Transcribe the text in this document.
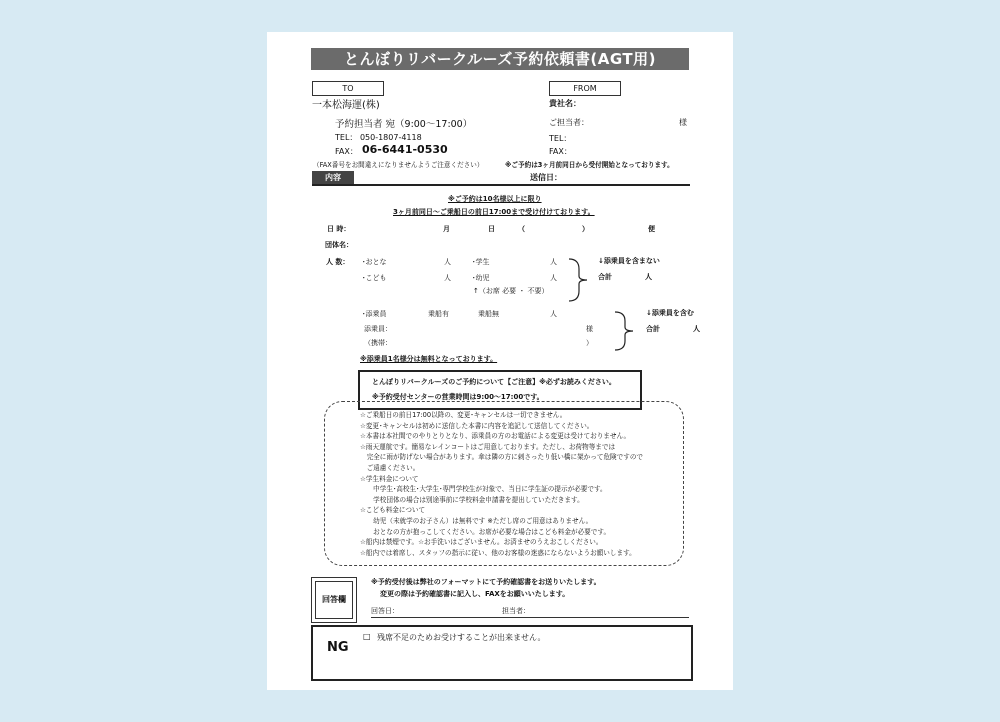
とんぼりリバークルーズ予約依頼書(AGT用)
TO
一本松海運(株)
予約担当者 宛（9:00～17:00）
TEL： 050-1807-4118
FAX： 06-6441-0530
（FAX番号をお間違えになりませんようご注意ください）
FROM
貴社名：
ご担当者：	様
TEL：
FAX：
※ご予約は3ヶ月前同日から受付開始となっております。
内容	送信日：
※ご予約は10名様以上に限り
3ヶ月前同日～ご乗船日の前日17:00まで受け付けております。
日 時：	月	日	（	）	便
団体名：
人 数： ･おとな	人	･学生	人
･こども	人	･幼児	人
↑（お席 必要 ・ 不要）
↓添乗員を含まない
合計	人
･添乗員	乗船有	乗船無	人
添乗員：	様
（携帯：	）
↓添乗員を含む
合計	人
※添乗員1名様分は無料となっております。
とんぼりリバークルーズのご予約について【ご注意】※必ずお読みください。
※予約受付センターの営業時間は9:00～17:00です。
☆ご乗船日の前日17:00以降の、変更･キャンセルは一切できません。
☆変更･キャンセルは初めに送信した本書に内容を追記して送信してください。
☆本書は本社間でのやりとりとなり、添乗員の方のお電話による変更は受けておりません。
☆雨天運航です。簡易なレインコートはご用意しております。ただし、お荷物等までは
　完全に雨が防げない場合があります。傘は隣の方に刺さったり低い橋に架かって危険ですので
　ご遠慮ください。
☆学生料金について
　　中学生･高校生･大学生･専門学校生が対象で、当日に学生証の提示が必要です。
　　学校団体の場合は別途事前に学校料金申請書を提出していただきます。
☆こども料金について
　　幼児（未就学のお子さん）は無料です ※ただし席のご用意はありません。
　　おとなの方が抱っこしてください。お席が必要な場合はこども料金が必要です。
☆船内は禁煙です。☆お手洗いはございません。お済ませのうえおこしください。
☆船内では着席し、スタッフの指示に従い、他のお客様の迷惑にならないようお願いします。
回答欄
※予約受付後は弊社のフォーマットにて予約確認書をお送りいたします。
変更の際は予約確認書に記入し、FAXをお願いいたします。
回答日：	担当者：
NG
□ 残席不足のためお受けすることが出来ません。
